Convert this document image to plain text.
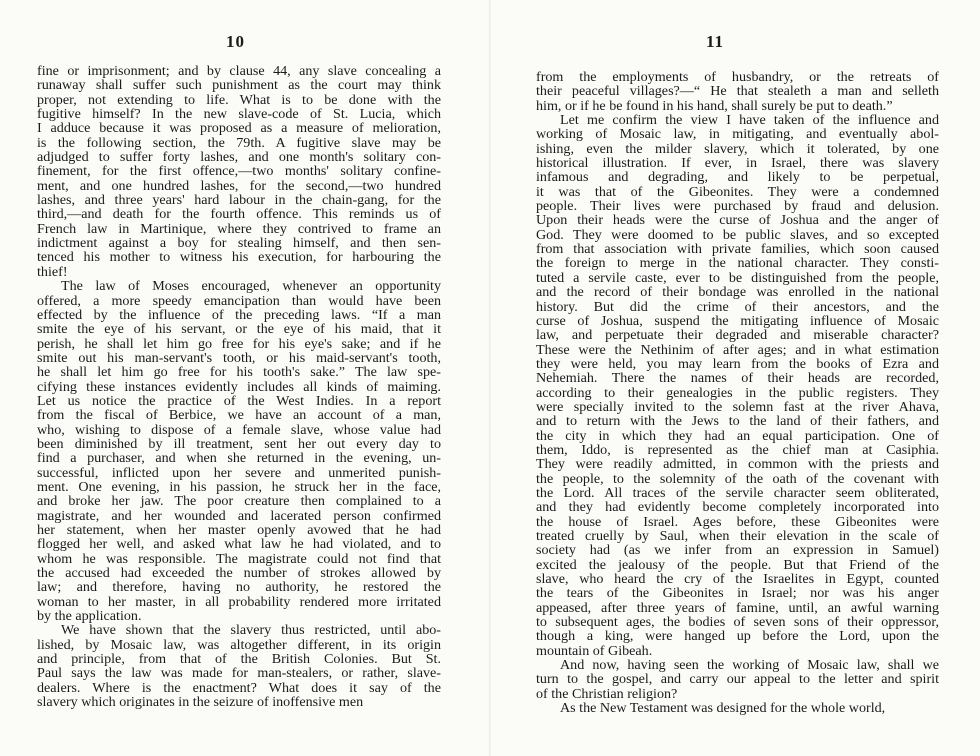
10
fine or imprisonment; and by clause 44, any slave concealing a
runaway shall suffer such punishment as the court may think
proper, not extending to life. What is to be done with the
fugitive himself? In the new slave-code of St. Lucia, which
I adduce because it was proposed as a measure of melioration,
is the following section, the 79th. A fugitive slave may be
adjudged to suffer forty lashes, and one month's solitary con-
finement, for the first offence,—two months' solitary confine-
ment, and one hundred lashes, for the second,—two hundred
lashes, and three years' hard labour in the chain-gang, for the
third,—and death for the fourth offence. This reminds us of
French law in Martinique, where they contrived to frame an
indictment against a boy for stealing himself, and then sen-
tenced his mother to witness his execution, for harbouring the
thief!
The law of Moses encouraged, whenever an opportunity
offered, a more speedy emancipation than would have been
effected by the influence of the preceding laws. “If a man
smite the eye of his servant, or the eye of his maid, that it
perish, he shall let him go free for his eye's sake; and if he
smite out his man-servant's tooth, or his maid-servant's tooth,
he shall let him go free for his tooth's sake.” The law spe-
cifying these instances evidently includes all kinds of maiming.
Let us notice the practice of the West Indies. In a report
from the fiscal of Berbice, we have an account of a man,
who, wishing to dispose of a female slave, whose value had
been diminished by ill treatment, sent her out every day to
find a purchaser, and when she returned in the evening, un-
successful, inflicted upon her severe and unmerited punish-
ment. One evening, in his passion, he struck her in the face,
and broke her jaw. The poor creature then complained to a
magistrate, and her wounded and lacerated person confirmed
her statement, when her master openly avowed that he had
flogged her well, and asked what law he had violated, and to
whom he was responsible. The magistrate could not find that
the accused had exceeded the number of strokes allowed by
law; and therefore, having no authority, he restored the
woman to her master, in all probability rendered more irritated
by the application.
We have shown that the slavery thus restricted, until abo-
lished, by Mosaic law, was altogether different, in its origin
and principle, from that of the British Colonies. But St.
Paul says the law was made for man-stealers, or rather, slave-
dealers. Where is the enactment? What does it say of the
slavery which originates in the seizure of inoffensive men
11
from the employments of husbandry, or the retreats of
their peaceful villages?—“ He that stealeth a man and selleth
him, or if he be found in his hand, shall surely be put to death.”
Let me confirm the view I have taken of the influence and
working of Mosaic law, in mitigating, and eventually abol-
ishing, even the milder slavery, which it tolerated, by one
historical illustration. If ever, in Israel, there was slavery
infamous and degrading, and likely to be perpetual,
it was that of the Gibeonites. They were a condemned
people. Their lives were purchased by fraud and delusion.
Upon their heads were the curse of Joshua and the anger of
God. They were doomed to be public slaves, and so excepted
from that association with private families, which soon caused
the foreign to merge in the national character. They consti-
tuted a servile caste, ever to be distinguished from the people,
and the record of their bondage was enrolled in the national
history. But did the crime of their ancestors, and the
curse of Joshua, suspend the mitigating influence of Mosaic
law, and perpetuate their degraded and miserable character?
These were the Nethinim of after ages; and in what estimation
they were held, you may learn from the books of Ezra and
Nehemiah. There the names of their heads are recorded,
according to their genealogies in the public registers. They
were specially invited to the solemn fast at the river Ahava,
and to return with the Jews to the land of their fathers, and
the city in which they had an equal participation. One of
them, Iddo, is represented as the chief man at Casiphia.
They were readily admitted, in common with the priests and
the people, to the solemnity of the oath of the covenant with
the Lord. All traces of the servile character seem obliterated,
and they had evidently become completely incorporated into
the house of Israel. Ages before, these Gibeonites were
treated cruelly by Saul, when their elevation in the scale of
society had (as we infer from an expression in Samuel)
excited the jealousy of the people. But that Friend of the
slave, who heard the cry of the Israelites in Egypt, counted
the tears of the Gibeonites in Israel; nor was his anger
appeased, after three years of famine, until, an awful warning
to subsequent ages, the bodies of seven sons of their oppressor,
though a king, were hanged up before the Lord, upon the
mountain of Gibeah.
And now, having seen the working of Mosaic law, shall we
turn to the gospel, and carry our appeal to the letter and spirit
of the Christian religion?
As the New Testament was designed for the whole world,
